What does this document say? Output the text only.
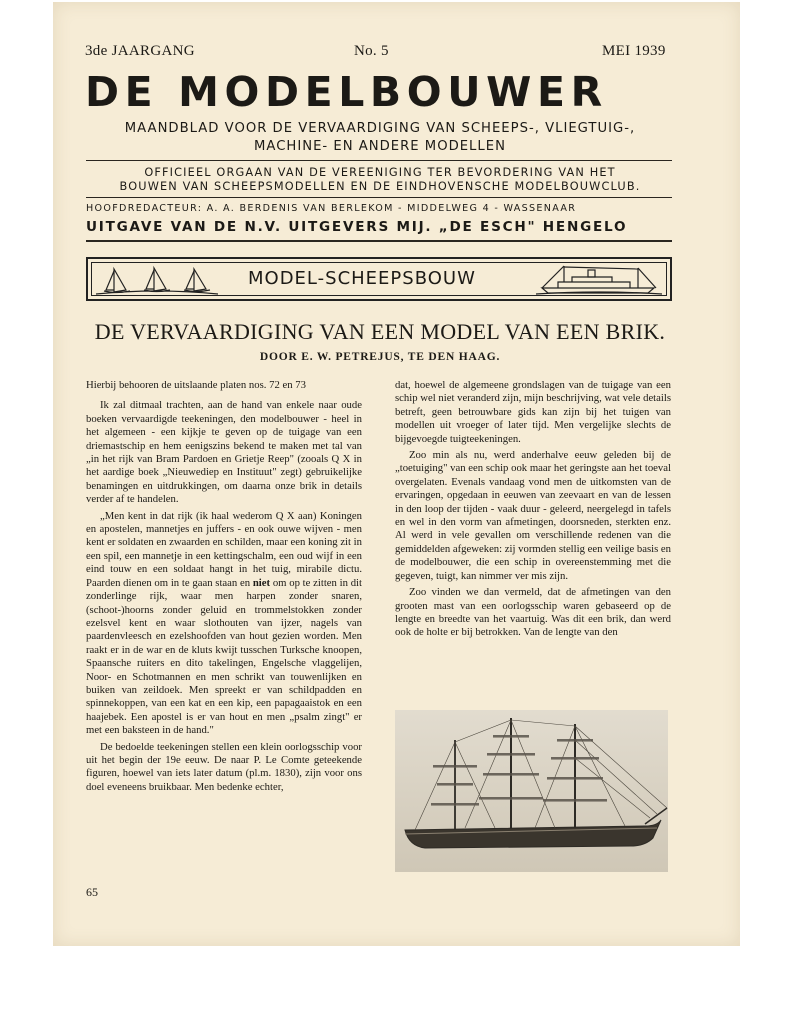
3de JAARGANG	No. 5	MEI 1939
DE MODELBOUWER
MAANDBLAD VOOR DE VERVAARDIGING VAN SCHEEPS-, VLIEGTUIG-,
MACHINE- EN ANDERE MODELLEN
OFFICIEEL ORGAAN VAN DE VEREENIGING TER BEVORDERING VAN HET
BOUWEN VAN SCHEEPSMODELLEN EN DE EINDHOVENSCHE MODELBOUWCLUB.
HOOFDREDACTEUR: A. A. BERDENIS VAN BERLEKOM - MIDDELWEG 4 - WASSENAAR
UITGAVE VAN DE N.V. UITGEVERS MIJ. „DE ESCH" HENGELO
MODEL-SCHEEPSBOUW
DE VERVAARDIGING VAN EEN MODEL VAN EEN BRIK.
DOOR E. W. PETREJUS, TE DEN HAAG.

Hierbij behooren de uitslaande platen nos. 72 en 73

Ik zal ditmaal trachten, aan de hand van enkele naar oude boeken vervaardigde teekeningen, den modelbouwer - heel in het algemeen - een kijkje te geven op de tuigage van een driemastschip en hem eenigszins bekend te maken met tal van „in het rijk van Bram Pardoen en Grietje Reep" (zooals Q X in het aardige boek „Nieuwediep en Instituut" zegt) gebruikelijke benamingen en uitdrukkingen, om daarna onze brik in details verder af te handelen.

„Men kent in dat rijk (ik haal wederom Q X aan) Koningen en apostelen, mannetjes en juffers - en ook ouwe wijven - men kent er soldaten en zwaarden en schilden, maar een koning zit in een spil, een mannetje in een kettingschalm, een oud wijf in een eind touw en een soldaat hangt in het tuig, mirabile dictu. Paarden dienen om in te gaan staan en niet om op te zitten in dit zonderlinge rijk, waar men harpen zonder snaren, (schoot-)hoorns zonder geluid en trommelstokken zonder ezelsvel kent en waar slothouten van ijzer, nagels van paardenvleesch en ezelshoofden van hout gezien worden. Men raakt er in de war en de kluts kwijt tusschen Turksche knoopen, Spaansche ruiters en dito takelingen, Engelsche vlaggelijen, Noor- en Schotmannen en men schrikt van touwenlijken en buiken van zeildoek. Men spreekt er van schildpadden en spinnekoppen, van een kat en een kip, een papagaaistok en een haajebek. Een apostel is er van hout en men „psalm zingt" er met een baksteen in de hand."

De bedoelde teekeningen stellen een klein oorlogsschip voor uit het begin der 19e eeuw. De naar P. Le Comte geteekende figuren, hoewel van iets later datum (pl.m. 1830), zijn voor ons doel eveneens bruikbaar. Men bedenke echter,

65

dat, hoewel de algemeene grondslagen van de tuigage van een schip wel niet veranderd zijn, mijn beschrijving, wat vele details betreft, geen betrouwbare gids kan zijn bij het tuigen van modellen uit vroeger of later tijd. Men vergelijke slechts de bijgevoegde tuigteekeningen.

Zoo min als nu, werd anderhalve eeuw geleden bij de „toetuiging" van een schip ook maar het geringste aan het toeval overgelaten. Evenals vandaag vond men de uitkomsten van de ervaringen, opgedaan in eeuwen van zeevaart en van de lessen in den loop der tijden - vaak duur - geleerd, neergelegd in tafels en wel in den vorm van afmetingen, doorsneden, sterkten enz. Al werd in vele gevallen om verschillende redenen van die gemiddelden afgeweken: zij vormden stellig een veilige basis en de modelbouwer, die een schip in overeenstemming met die gegeven, tuigt, kan nimmer ver mis zijn.

Zoo vinden we dan vermeld, dat de afmetingen van den grooten mast van een oorlogsschip waren gebaseerd op de lengte en breedte van het vaartuig. Was dit een brik, dan werd ook de holte er bij betrokken. Van de lengte van den
